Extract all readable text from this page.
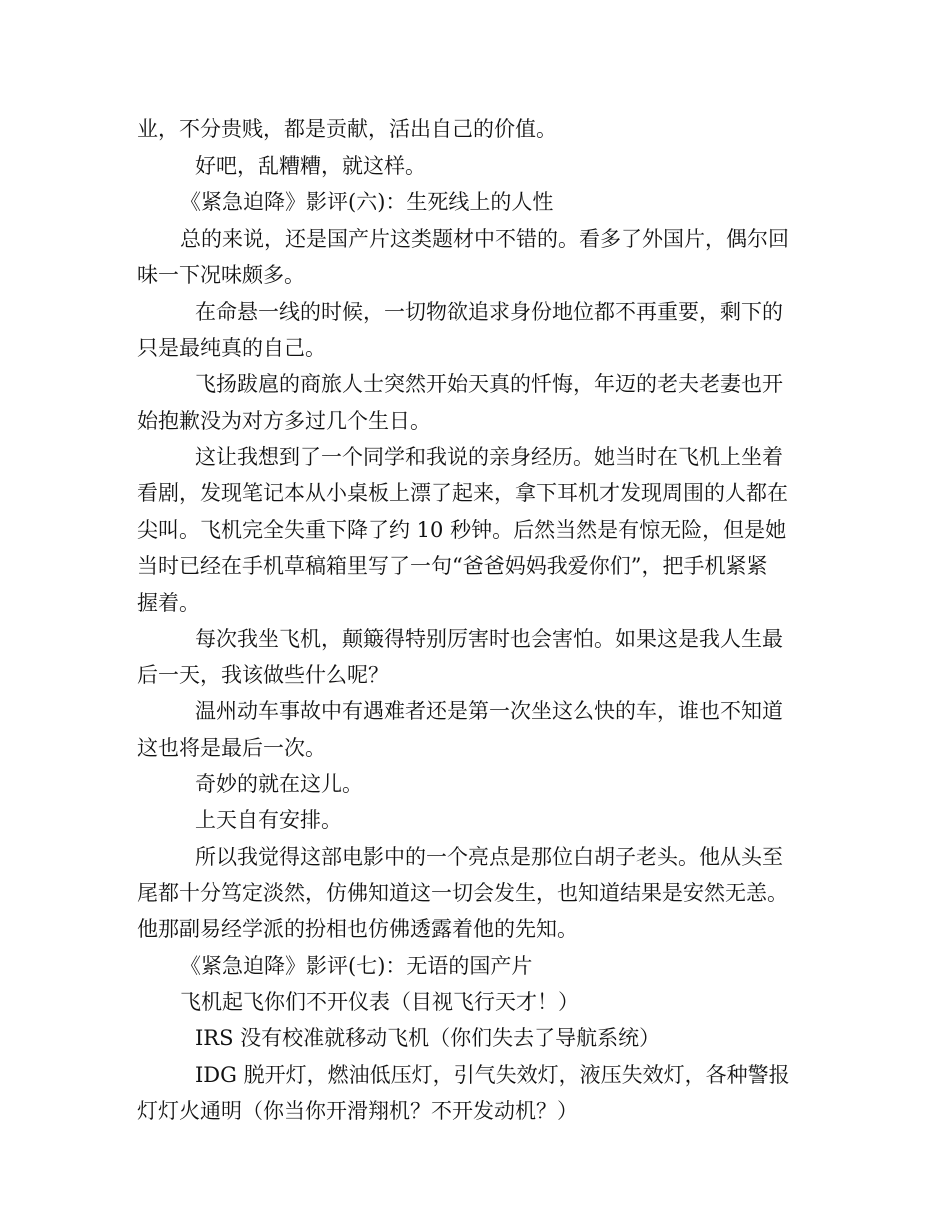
业，不分贵贱，都是贡献，活出自己的价值。
好吧，乱糟糟，就这样。
《紧急迫降》影评(六)：生死线上的人性
总的来说，还是国产片这类题材中不错的。看多了外国片，偶尔回
味一下况味颇多。
在命悬一线的时候，一切物欲追求身份地位都不再重要，剩下的
只是最纯真的自己。
飞扬跋扈的商旅人士突然开始天真的忏悔，年迈的老夫老妻也开
始抱歉没为对方多过几个生日。
这让我想到了一个同学和我说的亲身经历。她当时在飞机上坐着
看剧，发现笔记本从小桌板上漂了起来，拿下耳机才发现周围的人都在
尖叫。飞机完全失重下降了约 10 秒钟。后然当然是有惊无险，但是她
当时已经在手机草稿箱里写了一句“爸爸妈妈我爱你们”，把手机紧紧
握着。
每次我坐飞机，颠簸得特别厉害时也会害怕。如果这是我人生最
后一天，我该做些什么呢？
温州动车事故中有遇难者还是第一次坐这么快的车，谁也不知道
这也将是最后一次。
奇妙的就在这儿。
上天自有安排。
所以我觉得这部电影中的一个亮点是那位白胡子老头。他从头至
尾都十分笃定淡然，仿佛知道这一切会发生，也知道结果是安然无恙。
他那副易经学派的扮相也仿佛透露着他的先知。
《紧急迫降》影评(七)：无语的国产片
飞机起飞你们不开仪表（目视飞行天才！）
IRS 没有校准就移动飞机（你们失去了导航系统）
IDG 脱开灯，燃油低压灯，引气失效灯，液压失效灯，各种警报
灯灯火通明（你当你开滑翔机？不开发动机？）
